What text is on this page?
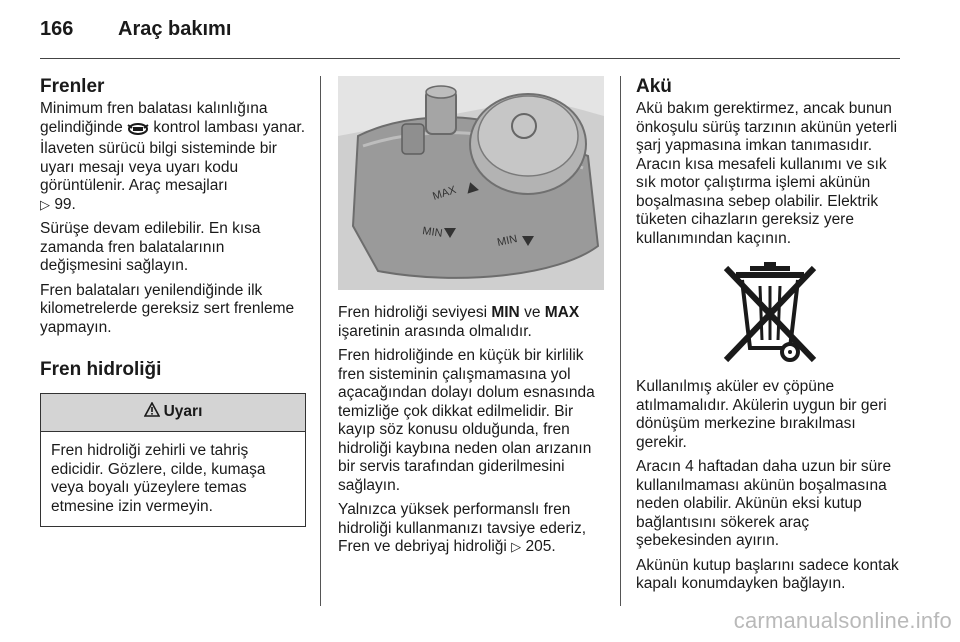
166 Araç bakımı
Frenler

Minimum fren balatası kalınlığına gelindiğinde kontrol lambası yanar. İlaveten sürücü bilgi sisteminde bir uyarı mesajı veya uyarı kodu görüntülenir. Araç mesajları
▷ 99.

Sürüşe devam edilebilir. En kısa zamanda fren balatalarının değişmesini sağlayın.

Fren balataları yenilendiğinde ilk kilometrelerde gereksiz sert frenleme yapmayın.

Fren hidroliği
Uyarı
Fren hidroliği zehirli ve tahriş edicidir. Gözlere, cilde, kumaşa veya boyalı yüzeylere temas etmesine izin vermeyin.
MAX
MIN
MIN

Fren hidroliği seviyesi MIN ve MAX işaretinin arasında olmalıdır.

Fren hidroliğinde en küçük bir kirlilik fren sisteminin çalışmamasına yol açacağından dolayı dolum esnasında temizliğe çok dikkat edilmelidir. Bir kayıp söz konusu olduğunda, fren hidroliği kaybına neden olan arızanın bir servis tarafından giderilmesini sağlayın.

Yalnızca yüksek performanslı fren hidroliği kullanmanızı tavsiye ederiz, Fren ve debriyaj hidroliği ▷ 205.

Akü

Akü bakım gerektirmez, ancak bunun önkoşulu sürüş tarzının akünün yeterli şarj yapmasına imkan tanımasıdır. Aracın kısa mesafeli kullanımı ve sık sık motor çalıştırma işlemi akünün boşalmasına sebep olabilir. Elektrik tüketen cihazların gereksiz yere kullanımından kaçının.

Kullanılmış aküler ev çöpüne atılmamalıdır. Akülerin uygun bir geri dönüşüm merkezine bırakılması gerekir.

Aracın 4 haftadan daha uzun bir süre kullanılmaması akünün boşalmasına neden olabilir. Akünün eksi kutup bağlantısını sökerek araç şebekesinden ayırın.

Akünün kutup başlarını sadece kontak kapalı konumdayken bağlayın.

carmanualsonline.info
